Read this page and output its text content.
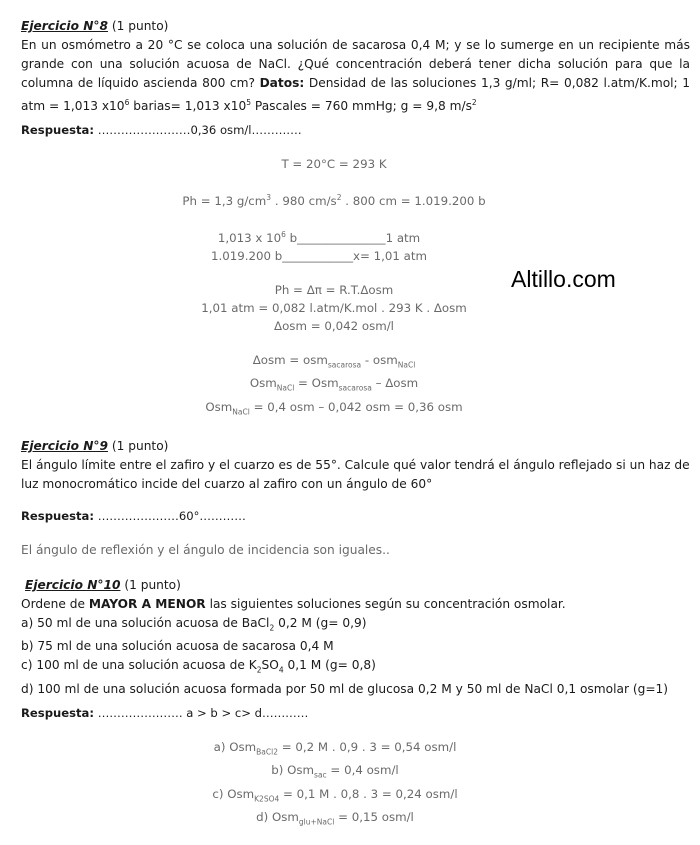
Ejercicio N°8 (1 punto)
En un osmómetro a 20 °C se coloca una solución de sacarosa 0,4 M; y se lo sumerge en un recipiente más grande con una solución acuosa de NaCl. ¿Qué concentración deberá tener dicha solución para que la columna de líquido ascienda 800 cm? Datos: Densidad de las soluciones 1,3 g/ml; R= 0,082 l.atm/K.mol; 1 atm = 1,013 $x10^6$ barias= 1,013 $x10^5$ Pascales = 760 mmHg; g = 9,8 $m/s^2$
Respuesta: ……………………0,36 osm/l………….
T = 20°C = 293 K
Ph = 1,3 $g/cm^3$ . 980 $cm/s^2$ . 800 cm = 1.019.200 b
1,013 x $10^6$ b_______________1 atm
1.019.200 b____________x= 1,01 atm
Ph = Δπ = R.T.Δosm
1,01 atm = 0,082 l.atm/K.mol . 293 K . Δosm
Δosm = 0,042 osm/l
Δosm = osm$_{sacarosa}$ - osm$_{NaCl}$
Osm$_{NaCl}$ = Osm$_{sacarosa}$ – Δosm
Osm$_{NaCl}$ = 0,4 osm – 0,042 osm = 0,36 osm
Altillo.com
Ejercicio N°9 (1 punto)
El ángulo límite entre el zafiro y el cuarzo es de 55°. Calcule qué valor tendrá el ángulo reflejado si un haz de luz monocromático incide del cuarzo al zafiro con un ángulo de 60°
Respuesta: …………………60°…………
El ángulo de reflexión y el ángulo de incidencia son iguales..
Ejercicio N°10 (1 punto)
Ordene de MAYOR A MENOR las siguientes soluciones según su concentración osmolar.
a) 50 ml de una solución acuosa de BaCl$_2$ 0,2 M (g= 0,9)
b) 75 ml de una solución acuosa de sacarosa 0,4 M
c) 100 ml de una solución acuosa de $K_2SO_4$ 0,1 M (g= 0,8)
d) 100 ml de una solución acuosa formada por 50 ml de glucosa 0,2 M y 50 ml de NaCl 0,1 osmolar (g=1)
Respuesta: …………………. a > b > c> d…………
a) Osm$_{BaCl2}$ = 0,2 M . 0,9 . 3 = 0,54 osm/l
b) Osm$_{sac}$ = 0,4 osm/l
c) Osm$_{K2SO4}$ = 0,1 M . 0,8 . 3 = 0,24 osm/l
d) Osm$_{glu+NaCl}$ = 0,15 osm/l
